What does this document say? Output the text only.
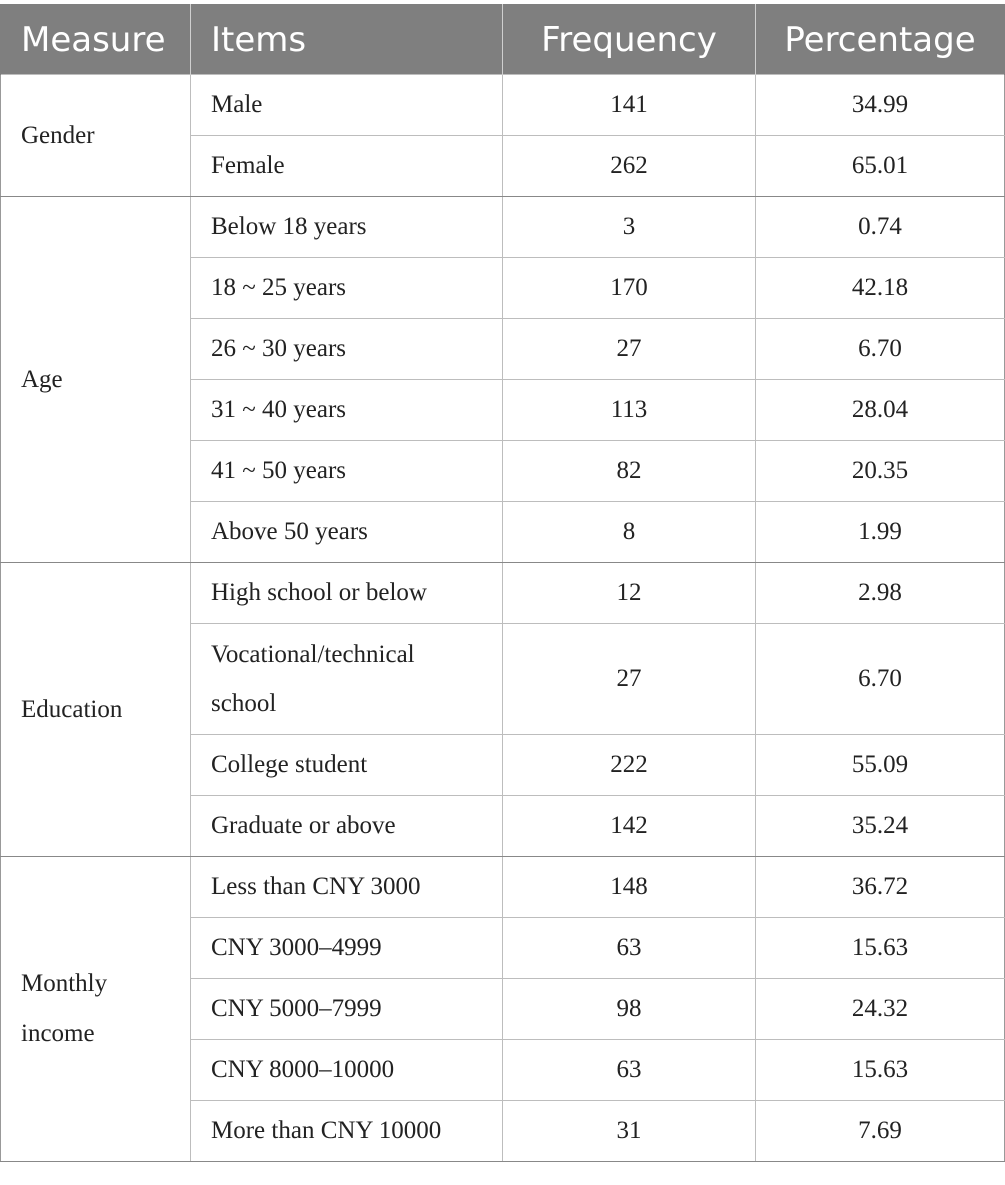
Measure	Items	Frequency	Percentage
Gender	Male	141	34.99
	Female	262	65.01
Age	Below 18 years	3	0.74
	18 ~ 25 years	170	42.18
	26 ~ 30 years	27	6.70
	31 ~ 40 years	113	28.04
	41 ~ 50 years	82	20.35
	Above 50 years	8	1.99
Education	High school or below	12	2.98
	Vocational/technical school	27	6.70
	College student	222	55.09
	Graduate or above	142	35.24
Monthly income	Less than CNY 3000	148	36.72
	CNY 3000–4999	63	15.63
	CNY 5000–7999	98	24.32
	CNY 8000–10000	63	15.63
	More than CNY 10000	31	7.69
